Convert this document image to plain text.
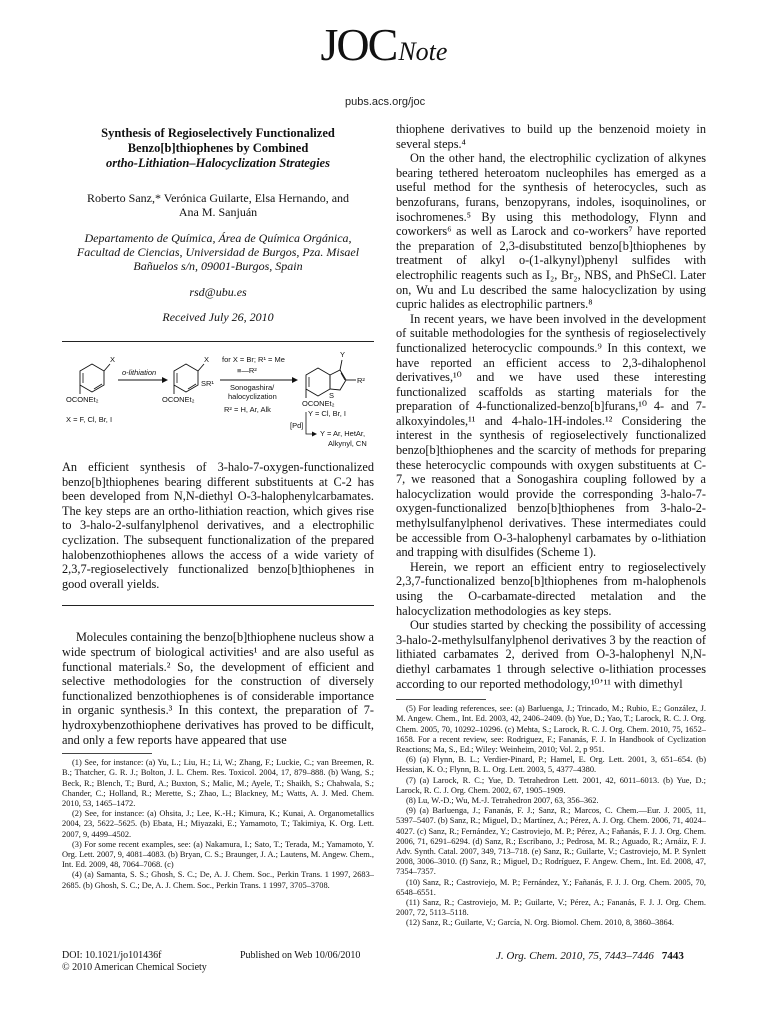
JOCNote
pubs.acs.org/joc
Synthesis of Regioselectively Functionalized
Benzo[b]thiophenes by Combined
ortho-Lithiation–Halocyclization Strategies
Roberto Sanz,* Verónica Guilarte, Elsa Hernando, and
Ana M. Sanjuán
Departamento de Química, Área de Química Orgánica,
Facultad de Ciencias, Universidad de Burgos, Pza. Misael
Bañuelos s/n, 09001-Burgos, Spain
rsd@ubu.es
Received July 26, 2010
X
OCONEt₂
X = F, Cl, Br, I
o-lithiation
X
SR¹
OCONEt₂
for X = Br; R¹ = Me
≡—R²
Sonogashira/
halocyclization
R² = H, Ar, Alk
Y
R²
S
OCONEt₂
Y = Cl, Br, I
[Pd]
Y = Ar, HetAr,
Alkynyl, CN
An efficient synthesis of 3-halo-7-oxygen-functionalized benzo[b]thiophenes bearing different substituents at C-2 has been developed from N,N-diethyl O-3-halophenylcarbamates. The key steps are an ortho-lithiation reaction, which gives rise to 3-halo-2-sulfanylphenol derivatives, and a electrophilic cyclization. The subsequent functionalization of the prepared halobenzothiophenes allows the access of a wide variety of 2,3,7-regioselectively functionalized benzo[b]thiophenes in good overall yields.

Molecules containing the benzo[b]thiophene nucleus show a wide spectrum of biological activities¹ and are also useful as functional materials.² So, the development of efficient and selective methodologies for the construction of diversely functionalized benzothiophenes is of considerable importance in organic synthesis.³ In this context, the preparation of 7-hydroxybenzothiophene derivatives has proved to be difficult, and only a few reports have appeared that use

(1) See, for instance: (a) Yu, L.; Liu, H.; Li, W.; Zhang, F.; Luckie, C.; van Breemen, R. B.; Thatcher, G. R. J.; Bolton, J. L. Chem. Res. Toxicol. 2004, 17, 879–888. (b) Wang, S.; Beck, R.; Blench, T.; Burd, A.; Buxton, S.; Malic, M.; Ayele, T.; Shaikh, S.; Chahwala, S.; Chander, C.; Holland, R.; Merette, S.; Zhao, L.; Blackney, M.; Watts, A. J. Med. Chem. 2010, 53, 1465–1472.

(2) See, for instance: (a) Ohsita, J.; Lee, K.-H.; Kimura, K.; Kunai, A. Organometallics 2004, 23, 5622–5625. (b) Ebata, H.; Miyazaki, E.; Yamamoto, T.; Takimiya, K. Org. Lett. 2007, 9, 4499–4502.

(3) For some recent examples, see: (a) Nakamura, I.; Sato, T.; Terada, M.; Yamamoto, Y. Org. Lett. 2007, 9, 4081–4083. (b) Bryan, C. S.; Braunger, J. A.; Lautens, M. Angew. Chem., Int. Ed. 2009, 48, 7064–7068. (c)

(4) (a) Samanta, S. S.; Ghosh, S. C.; De, A. J. Chem. Soc., Perkin Trans. 1 1997, 2683–2685. (b) Ghosh, S. C.; De, A. J. Chem. Soc., Perkin Trans. 1 1997, 3705–3708.

thiophene derivatives to build up the benzenoid moiety in several steps.⁴

On the other hand, the electrophilic cyclization of alkynes bearing tethered heteroatom nucleophiles has emerged as a useful method for the synthesis of heterocycles, such as benzofurans, furans, benzopyrans, indoles, isoquinolines, or isochromenes.⁵ By using this methodology, Flynn and coworkers⁶ as well as Larock and co-workers⁷ have reported the preparation of 2,3-disubstituted benzo[b]thiophenes by treatment of alkyl o-(1-alkynyl)phenyl sulfides with electrophilic reagents such as I₂, Br₂, NBS, and PhSeCl. Later on, Wu and Lu described the same halocyclization by using cupric halides as electrophilic partners.⁸

In recent years, we have been involved in the development of suitable methodologies for the synthesis of regioselectively functionalized heterocyclic compounds.⁹ In this context, we have reported an efficient access to 2,3-dihalophenol derivatives,¹⁰ and we have used these interesting functionalized scaffolds as starting materials for the preparation of 4-functionalized-benzo[b]furans,¹⁰ 4- and 7-alkoxyindoles,¹¹ and 4-halo-1H-indoles.¹² Considering the interest in the synthesis of regioselectively functionalized benzo[b]thiophenes and the scarcity of methods for preparing these heterocyclic compounds with oxygen substituents at C-7, we reasoned that a Sonogashira coupling followed by a halocyclization would provide the corresponding 3-halo-7-oxygen-functionalized benzo[b]thiophenes from 3-halo-2-methylsulfanylphenol derivatives. These intermediates could be accessible from O-3-halophenyl carbamates by o-lithiation and trapping with disulfides (Scheme 1).

Herein, we report an efficient entry to regioselectively 2,3,7-functionalized benzo[b]thiophenes from m-halophenols using the O-carbamate-directed metalation and the halocyclization methodologies as key steps.

Our studies started by checking the possibility of accessing 3-halo-2-methylsulfanylphenol derivatives 3 by the reaction of lithiated carbamates 2, derived from O-3-halophenyl N,N-diethyl carbamates 1 through selective o-lithiation processes according to our reported methodology,¹⁰ʼ¹¹ with dimethyl

(5) For leading references, see: (a) Barluenga, J.; Trincado, M.; Rubio, E.; González, J. M. Angew. Chem., Int. Ed. 2003, 42, 2406–2409. (b) Yue, D.; Yao, T.; Larock, R. C. J. Org. Chem. 2005, 70, 10292–10296. (c) Mehta, S.; Larock, R. C. J. Org. Chem. 2010, 75, 1652–1658. For a recent review, see: Rodriguez, F.; Fananás, F. J. In Handbook of Cyclization Reactions; Ma, S., Ed.; Wiley: Weinheim, 2010; Vol. 2, p 951.

(6) (a) Flynn, B. L.; Verdier-Pinard, P.; Hamel, E. Org. Lett. 2001, 3, 651–654. (b) Hessian, K. O.; Flynn, B. L. Org. Lett. 2003, 5, 4377–4380.

(7) (a) Larock, R. C.; Yue, D. Tetrahedron Lett. 2001, 42, 6011–6013. (b) Yue, D.; Larock, R. C. J. Org. Chem. 2002, 67, 1905–1909.

(8) Lu, W.-D.; Wu, M.-J. Tetrahedron 2007, 63, 356–362.

(9) (a) Barluenga, J.; Fananás, F. J.; Sanz, R.; Marcos, C. Chem.—Eur. J. 2005, 11, 5397–5407. (b) Sanz, R.; Miguel, D.; Martínez, A.; Pérez, A. J. Org. Chem. 2006, 71, 4024–4027. (c) Sanz, R.; Fernández, Y.; Castroviejo, M. P.; Pérez, A.; Fañanás, F. J. J. Org. Chem. 2006, 71, 6291–6294. (d) Sanz, R.; Escribano, J.; Pedrosa, M. R.; Aguado, R.; Arnáiz, F. J. Adv. Synth. Catal. 2007, 349, 713–718. (e) Sanz, R.; Guilarte, V.; Castroviejo, M. P. Synlett 2008, 3006–3010. (f) Sanz, R.; Miguel, D.; Rodríguez, F. Angew. Chem., Int. Ed. 2008, 47, 7354–7357.

(10) Sanz, R.; Castroviejo, M. P.; Fernández, Y.; Fañanás, F. J. J. Org. Chem. 2005, 70, 6548–6551.

(11) Sanz, R.; Castroviejo, M. P.; Guilarte, V.; Pérez, A.; Fananás, F. J. J. Org. Chem. 2007, 72, 5113–5118.

(12) Sanz, R.; Guilarte, V.; García, N. Org. Biomol. Chem. 2010, 8, 3860–3864.

DOI: 10.1021/jo101436f
© 2010 American Chemical Society
Published on Web 10/06/2010	J. Org. Chem. 2010, 75, 7443–7446 7443
